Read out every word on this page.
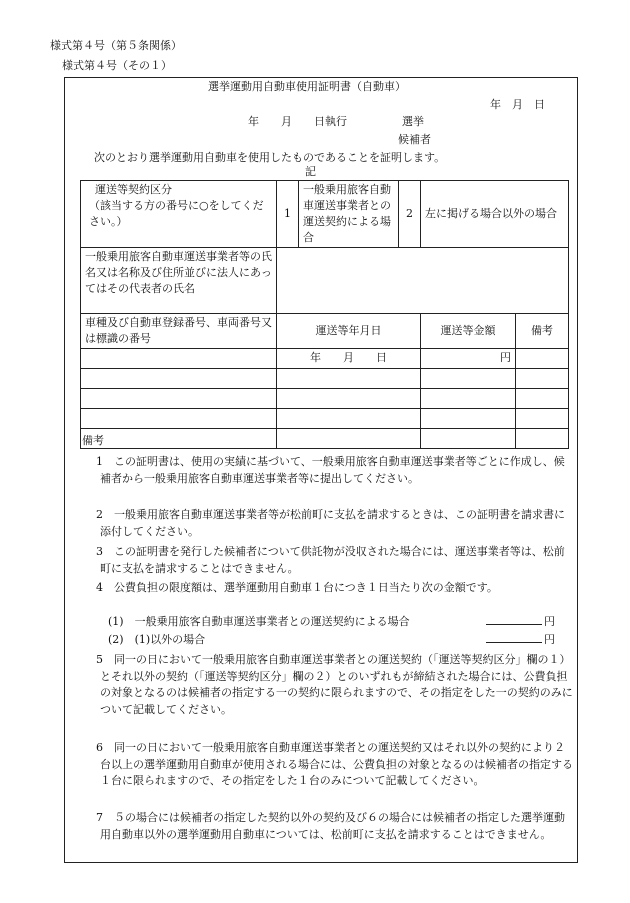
様式第４号（第５条関係）
様式第４号（その１）
選挙運動用自動車使用証明書（自動車）
年　月　日
年　　月　　日執行　　　　　選挙
候補者
次のとおり選挙運動用自動車を使用したものであることを証明します。
記
運送等契約区分
（該当する方の番号に○をしてください。）	1	一般乗用旅客自動車運送事業者との運送契約による場合	2	左に掲げる場合以外の場合	
一般乗用旅客自動車運送事業者等の氏名又は名称及び住所並びに法人にあってはその代表者の氏名					
車種及び自動車登録番号、車両番号又は標識の番号	運送等年月日			運送等金額	備考
	年　　月　　日			円	

備考
1　この証明書は、使用の実績に基づいて、一般乗用旅客自動車運送事業者等ごとに作成し、候補者から一般乗用旅客自動車運送事業者等に提出してください。
2　一般乗用旅客自動車運送事業者等が松前町に支払を請求するときは、この証明書を請求書に添付してください。
3　この証明書を発行した候補者について供託物が没収された場合には、運送事業者等は、松前町に支払を請求することはできません。
4　公費負担の限度額は、選挙運動用自動車１台につき１日当たり次の金額です。
(1)　一般乗用旅客自動車運送事業者との運送契約による場合	円
(2)　(1)以外の場合	円
5　同一の日において一般乗用旅客自動車運送事業者との運送契約（「運送等契約区分」欄の１）とそれ以外の契約（「運送等契約区分」欄の２）とのいずれもが締結された場合には、公費負担の対象となるのは候補者の指定する一の契約に限られますので、その指定をした一の契約のみについて記載してください。
6　同一の日において一般乗用旅客自動車運送事業者との運送契約又はそれ以外の契約により２台以上の選挙運動用自動車が使用される場合には、公費負担の対象となるのは候補者の指定する１台に限られますので、その指定をした１台のみについて記載してください。
7　５の場合には候補者の指定した契約以外の契約及び６の場合には候補者の指定した選挙運動用自動車以外の選挙運動用自動車については、松前町に支払を請求することはできません。
